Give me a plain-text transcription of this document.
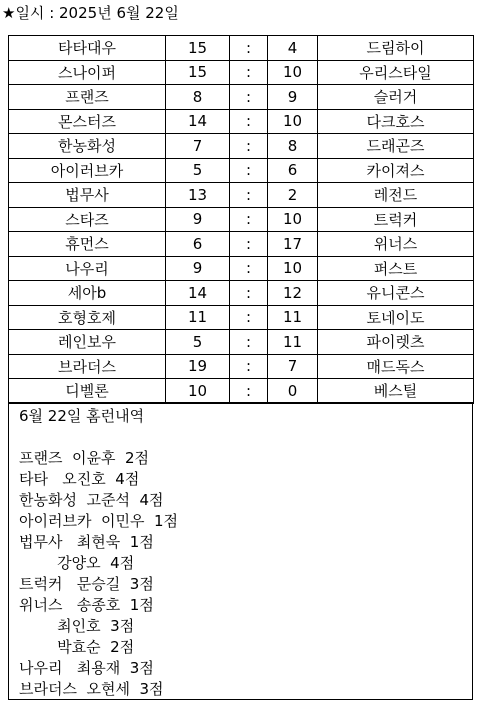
★일시 : 2025년 6월 22일
타타대우	15	:	4	드림하이
스나이퍼	15	:	10	우리스타일
프랜즈	8	:	9	슬러거
몬스터즈	14	:	10	다크호스
한농화성	7	:	8	드래곤즈
아이러브카	5	:	6	카이져스
법무사	13	:	2	레전드
스타즈	9	:	10	트럭커
휴먼스	6	:	17	위너스
나우리	9	:	10	퍼스트
세아b	14	:	12	유니콘스
호형호제	11	:	11	토네이도
레인보우	5	:	11	파이렛츠
브라더스	19	:	7	매드독스
디벨론	10	:	0	베스틸
6월 22일 홈런내역
프랜즈  이윤후  2점
타타   오진호  4점
한농화성  고준석  4점
아이러브카  이민우  1점
법무사   최현욱  1점
강양오  4점
트럭커   문승길  3점
위너스   송종호  1점
최인호  3점
박효순  2점
나우리   최용재  3점
브라더스  오현세  3점
